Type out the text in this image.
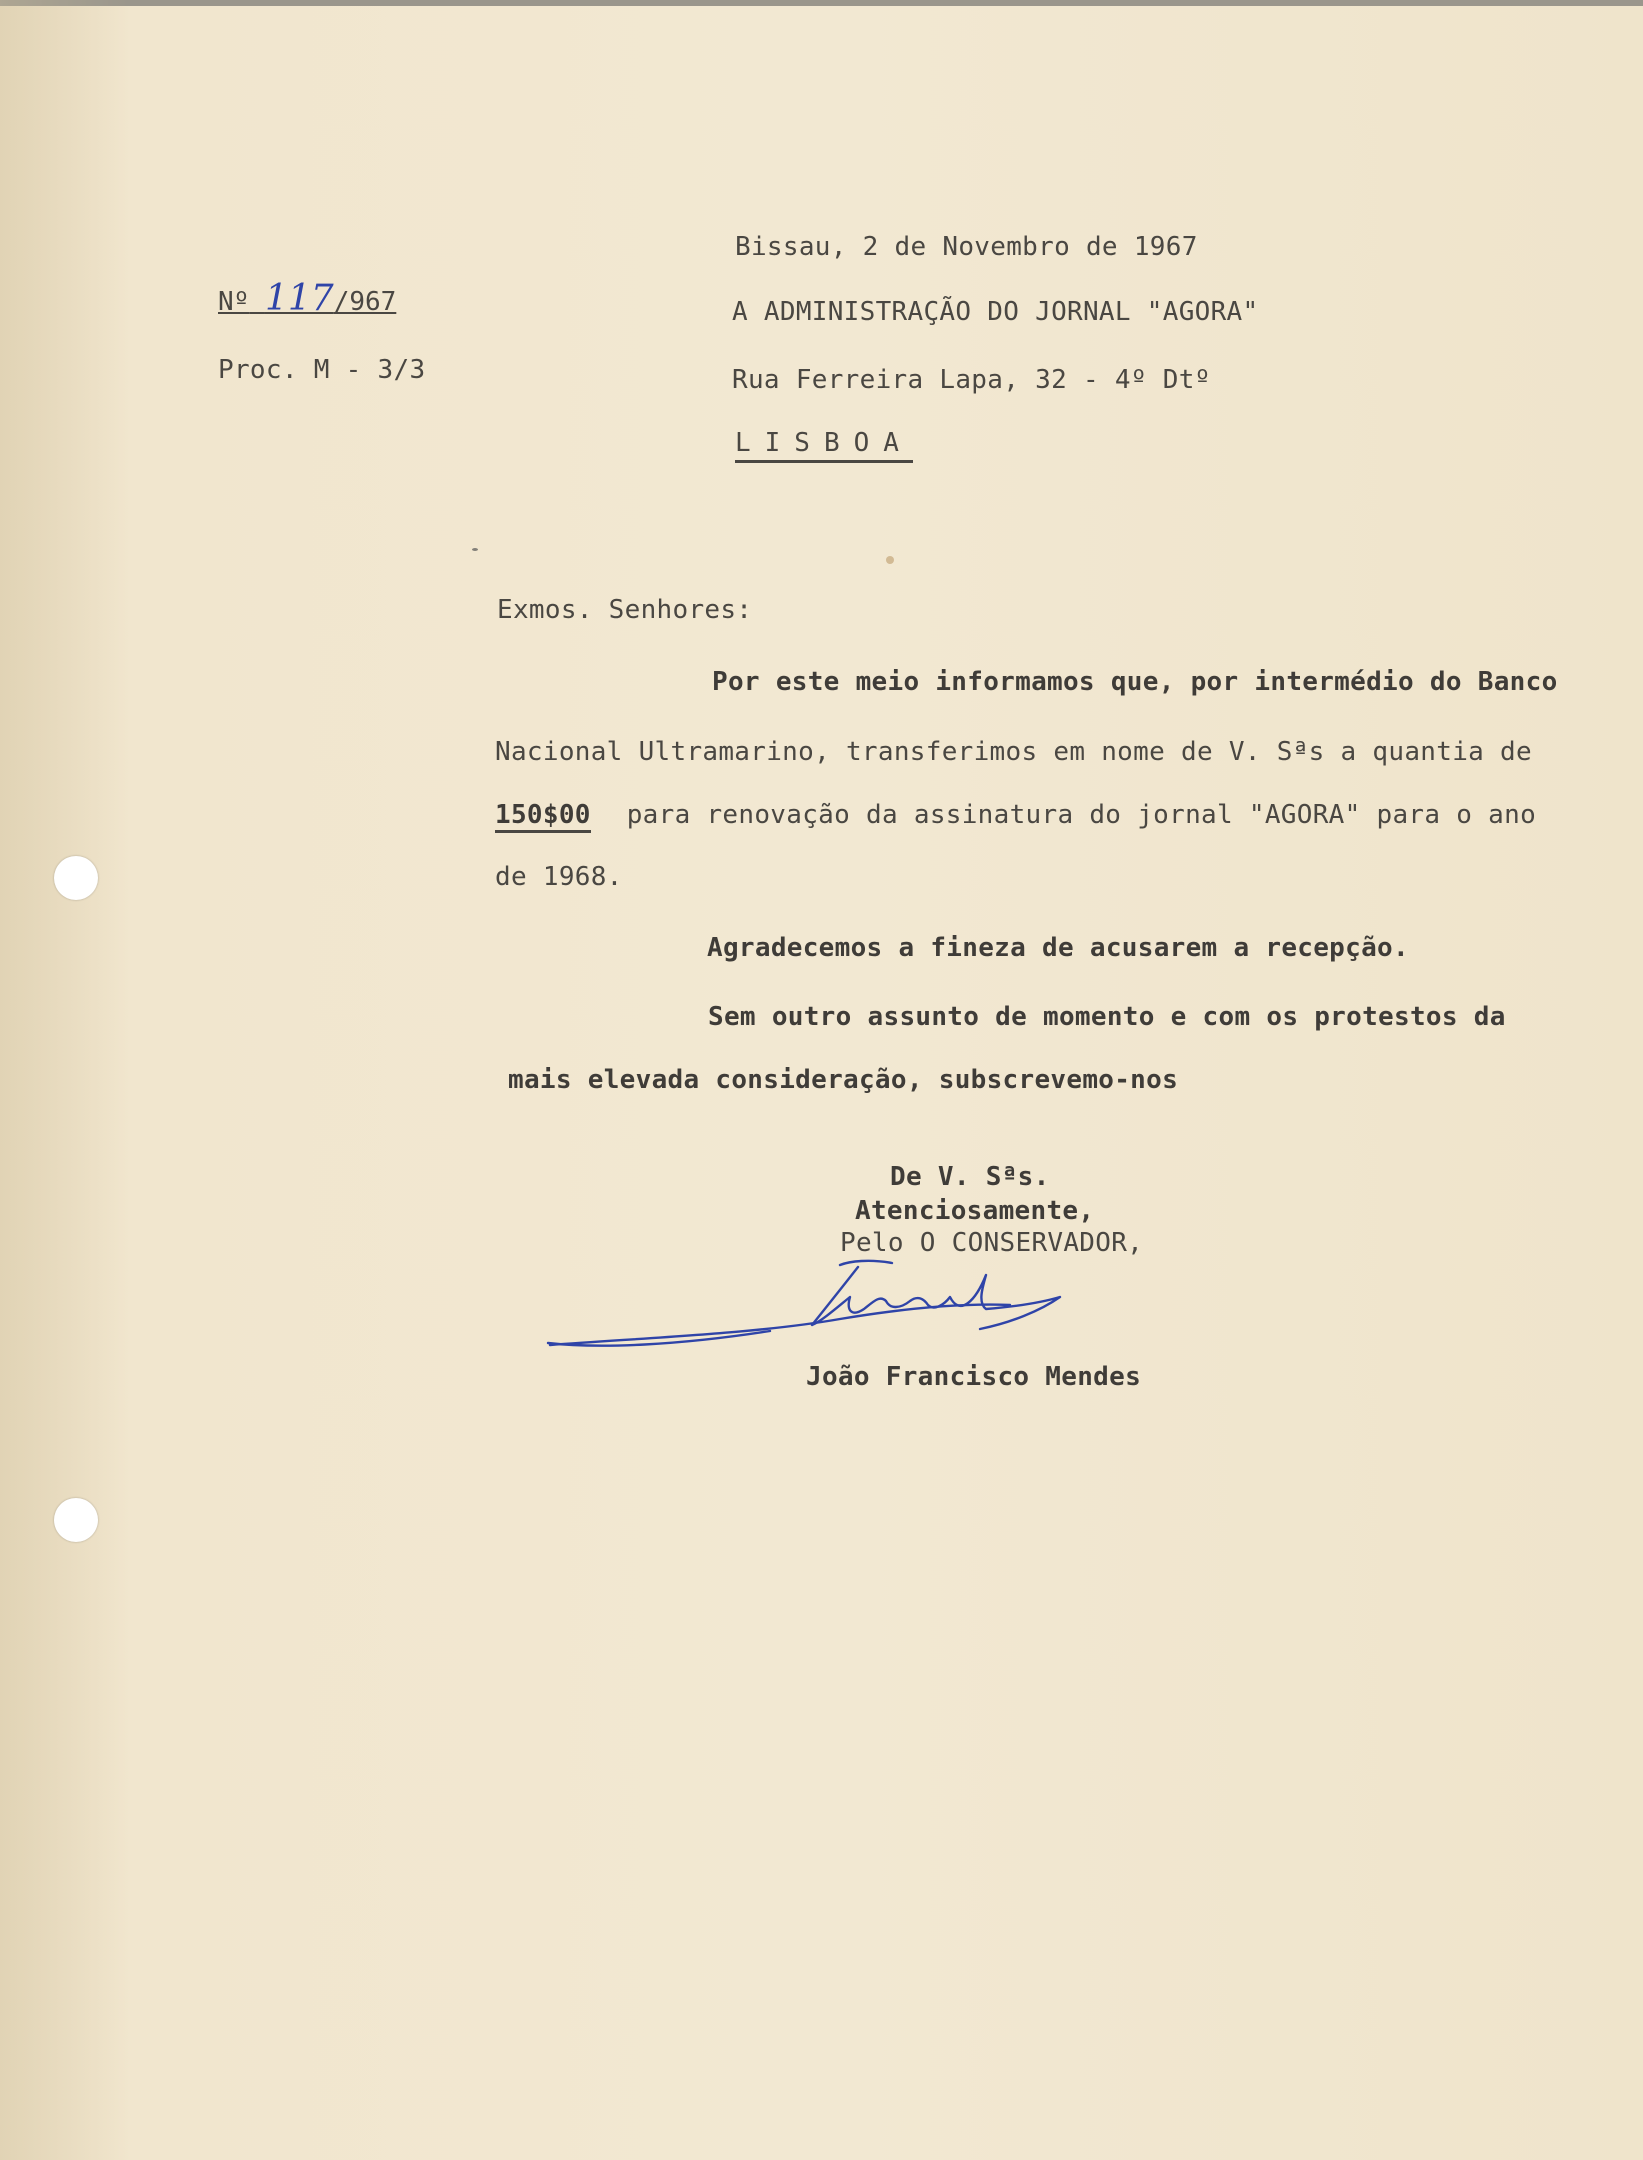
Nº 117/967
Proc. M - 3/3
Bissau, 2 de Novembro de 1967
A ADMINISTRAÇÃO DO JORNAL "AGORA"
Rua Ferreira Lapa, 32 - 4º Dtº
LISBOA
Exmos. Senhores:
Por este meio informamos que, por intermédio do Banco
Nacional Ultramarino, transferimos em nome de V. Sªs a quantia de
150$00 para renovação da assinatura do jornal "AGORA" para o ano
de 1968.
Agradecemos a fineza de acusarem a recepção.
Sem outro assunto de momento e com os protestos da
mais elevada consideração, subscrevemo-nos
De V. Sªs.
Atenciosamente,
Pelo O CONSERVADOR,
João Francisco Mendes
